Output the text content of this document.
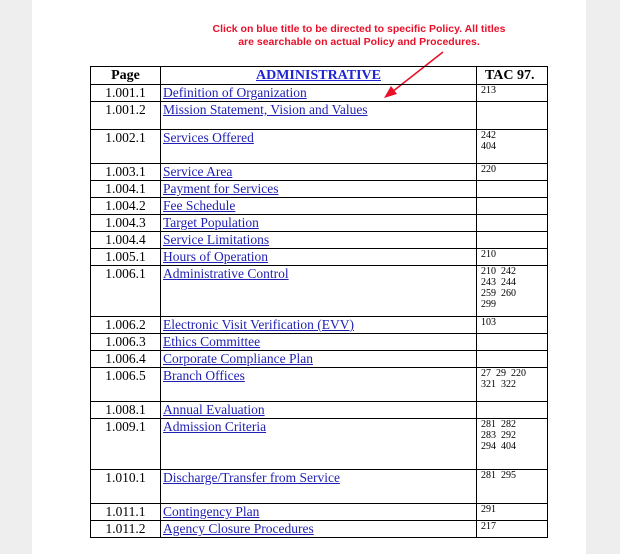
Click on blue title to be directed to specific Policy. All titles are searchable on actual Policy and Procedures.
Page	ADMINISTRATIVE	TAC 97.
1.001.1	Definition of Organization	213
1.001.2	Mission Statement, Vision and Values	
1.002.1	Services Offered	242
404
1.003.1	Service Area	220
1.004.1	Payment for Services	
1.004.2	Fee Schedule	
1.004.3	Target Population	
1.004.4	Service Limitations	
1.005.1	Hours of Operation	210
1.006.1	Administrative Control	210  242
243  244
259  260
299
1.006.2	Electronic Visit Verification (EVV)	103
1.006.3	Ethics Committee	
1.006.4	Corporate Compliance Plan	
1.006.5	Branch Offices	27  29  220
321  322
1.008.1	Annual Evaluation	
1.009.1	Admission Criteria	281  282
283  292
294  404
1.010.1	Discharge/Transfer from Service	281  295
1.011.1	Contingency Plan	291
1.011.2	Agency Closure Procedures	217
